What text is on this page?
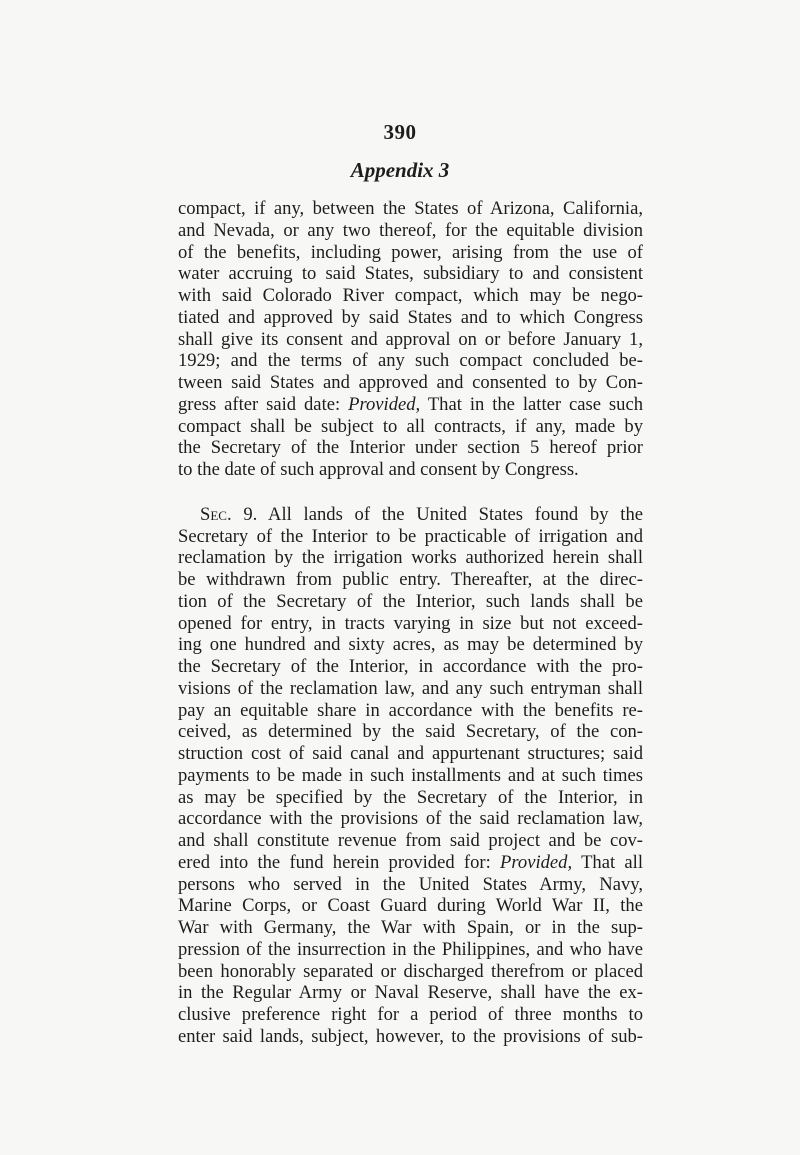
390
Appendix 3
compact, if any, between the States of Arizona, California,
and Nevada, or any two thereof, for the equitable division
of the benefits, including power, arising from the use of
water accruing to said States, subsidiary to and consistent
with said Colorado River compact, which may be nego-
tiated and approved by said States and to which Congress
shall give its consent and approval on or before January 1,
1929; and the terms of any such compact concluded be-
tween said States and approved and consented to by Con-
gress after said date: Provided, That in the latter case such
compact shall be subject to all contracts, if any, made by
the Secretary of the Interior under section 5 hereof prior
to the date of such approval and consent by Congress.
Sec. 9. All lands of the United States found by the
Secretary of the Interior to be practicable of irrigation and
reclamation by the irrigation works authorized herein shall
be withdrawn from public entry. Thereafter, at the direc-
tion of the Secretary of the Interior, such lands shall be
opened for entry, in tracts varying in size but not exceed-
ing one hundred and sixty acres, as may be determined by
the Secretary of the Interior, in accordance with the pro-
visions of the reclamation law, and any such entryman shall
pay an equitable share in accordance with the benefits re-
ceived, as determined by the said Secretary, of the con-
struction cost of said canal and appurtenant structures; said
payments to be made in such installments and at such times
as may be specified by the Secretary of the Interior, in
accordance with the provisions of the said reclamation law,
and shall constitute revenue from said project and be cov-
ered into the fund herein provided for: Provided, That all
persons who served in the United States Army, Navy,
Marine Corps, or Coast Guard during World War II, the
War with Germany, the War with Spain, or in the sup-
pression of the insurrection in the Philippines, and who have
been honorably separated or discharged therefrom or placed
in the Regular Army or Naval Reserve, shall have the ex-
clusive preference right for a period of three months to
enter said lands, subject, however, to the provisions of sub-
